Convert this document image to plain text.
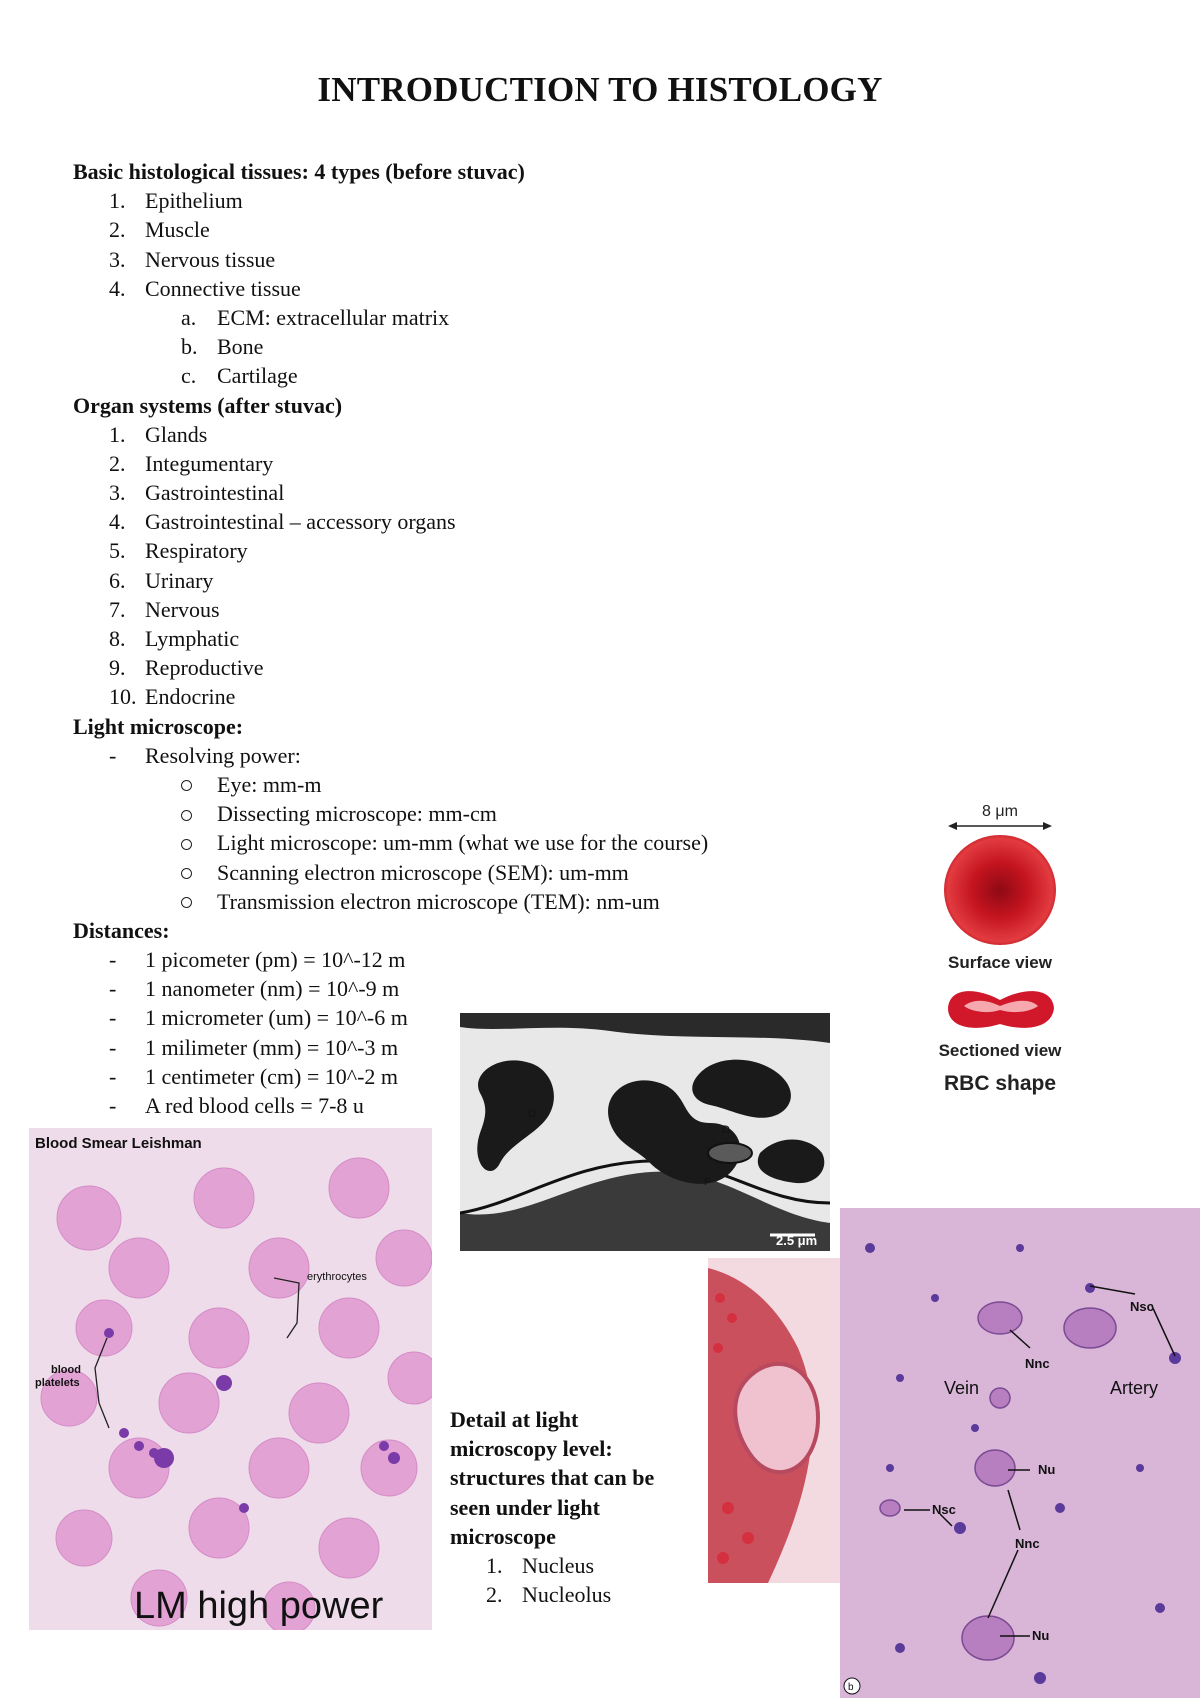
INTRODUCTION TO HISTOLOGY
Basic histological tissues: 4 types (before stuvac)
1. Epithelium
2. Muscle
3. Nervous tissue
4. Connective tissue
a. ECM: extracellular matrix
b. Bone
c. Cartilage
Organ systems (after stuvac)
1. Glands
2. Integumentary
3. Gastrointestinal
4. Gastrointestinal – accessory organs
5. Respiratory
6. Urinary
7. Nervous
8. Lymphatic
9. Reproductive
10. Endocrine
Light microscope:
- Resolving power:
Eye: mm-m
Dissecting microscope: mm-cm
Light microscope: um-mm (what we use for the course)
Scanning electron microscope (SEM): um-mm
Transmission electron microscope (TEM): nm-um
Distances:
- 1 picometer (pm) = 10^-12 m
- 1 nanometer (nm) = 10^-9 m
- 1 micrometer (um) = 10^-6 m
- 1 milimeter (mm) = 10^-3 m
- 1 centimeter (cm) = 10^-2 m
- A red blood cells = 7-8 u
8 μm
Surface view
Sectioned view
RBC shape
D
D
P
2.5 μm
Blood Smear Leishman
erythrocytes
blood
platelets
LM high power
Nsc
Nnc
Nu
Nsc
Nnc
Nu
Vein	Artery
b
Detail at light microscopy level: structures that can be seen under light microscope
1. Nucleus
2. Nucleolus
